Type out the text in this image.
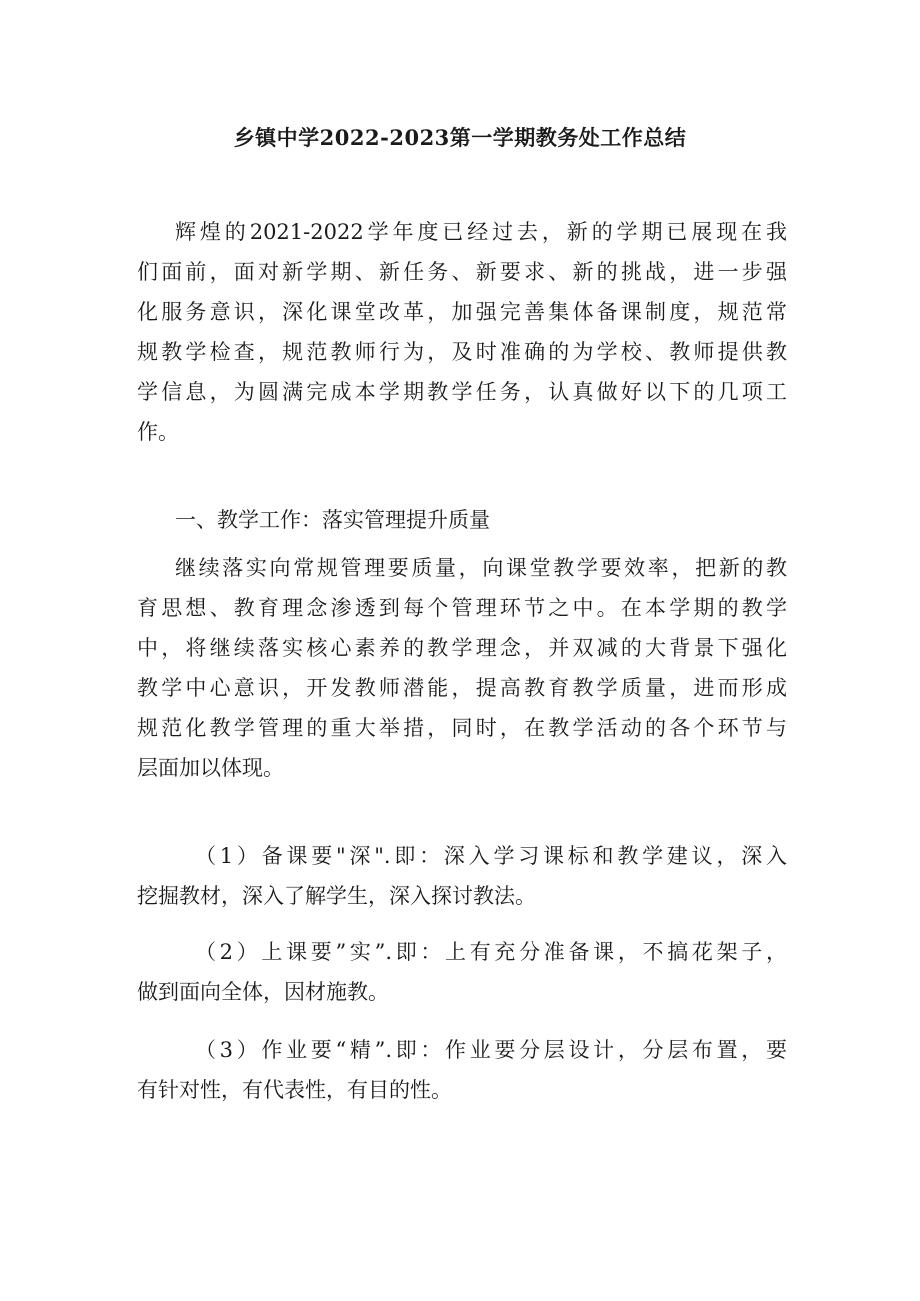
乡镇中学2022-2023第一学期教务处工作总结
辉煌的2021-2022学年度已经过去，新的学期已展现在我
们面前，面对新学期、新任务、新要求、新的挑战，进一步强
化服务意识，深化课堂改革，加强完善集体备课制度，规范常
规教学检查，规范教师行为，及时准确的为学校、教师提供教
学信息，为圆满完成本学期教学任务，认真做好以下的几项工
作。
一、教学工作：落实管理提升质量
继续落实向常规管理要质量，向课堂教学要效率，把新的教
育思想、教育理念渗透到每个管理环节之中。在本学期的教学
中，将继续落实核心素养的教学理念，并双减的大背景下强化
教学中心意识，开发教师潜能，提高教育教学质量，进而形成
规范化教学管理的重大举措，同时，在教学活动的各个环节与
层面加以体现。
（1）备课要"深".即：深入学习课标和教学建议，深入
挖掘教材，深入了解学生，深入探讨教法。
（2）上课要”实”.即：上有充分准备课，不搞花架子，
做到面向全体，因材施教。
（3）作业要“精”.即：作业要分层设计，分层布置，要
有针对性，有代表性，有目的性。
